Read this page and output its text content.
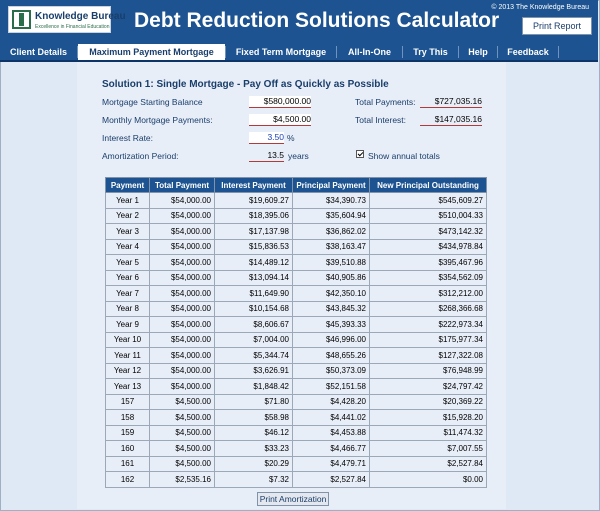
Knowledge Bureau
Excellence in Financial Education Debt Reduction Solutions Calculator
© 2013 The Knowledge Bureau
Print Report
Client Details	Maximum Payment Mortgage	Fixed Term Mortgage	All-In-One	Try This	Help	Feedback
Solution 1: Single Mortgage - Pay Off as Quickly as Possible
Mortgage Starting Balance	$580,000.00
Monthly Mortgage Payments:	$4,500.00
Interest Rate:	3.50 %
Amortization Period:	13.5 years
Total Payments:	$727,035.16
Total Interest:	$147,035.16
Show annual totals
Payment	Total Payment	Interest Payment	Principal Payment	New Principal Outstanding
Year 1	$54,000.00	$19,609.27	$34,390.73	$545,609.27
Year 2	$54,000.00	$18,395.06	$35,604.94	$510,004.33
Year 3	$54,000.00	$17,137.98	$36,862.02	$473,142.32
Year 4	$54,000.00	$15,836.53	$38,163.47	$434,978.84
Year 5	$54,000.00	$14,489.12	$39,510.88	$395,467.96
Year 6	$54,000.00	$13,094.14	$40,905.86	$354,562.09
Year 7	$54,000.00	$11,649.90	$42,350.10	$312,212.00
Year 8	$54,000.00	$10,154.68	$43,845.32	$268,366.68
Year 9	$54,000.00	$8,606.67	$45,393.33	$222,973.34
Year 10	$54,000.00	$7,004.00	$46,996.00	$175,977.34
Year 11	$54,000.00	$5,344.74	$48,655.26	$127,322.08
Year 12	$54,000.00	$3,626.91	$50,373.09	$76,948.99
Year 13	$54,000.00	$1,848.42	$52,151.58	$24,797.42
157	$4,500.00	$71.80	$4,428.20	$20,369.22
158	$4,500.00	$58.98	$4,441.02	$15,928.20
159	$4,500.00	$46.12	$4,453.88	$11,474.32
160	$4,500.00	$33.23	$4,466.77	$7,007.55
161	$4,500.00	$20.29	$4,479.71	$2,527.84
162	$2,535.16	$7.32	$2,527.84	$0.00
Print Amortization
